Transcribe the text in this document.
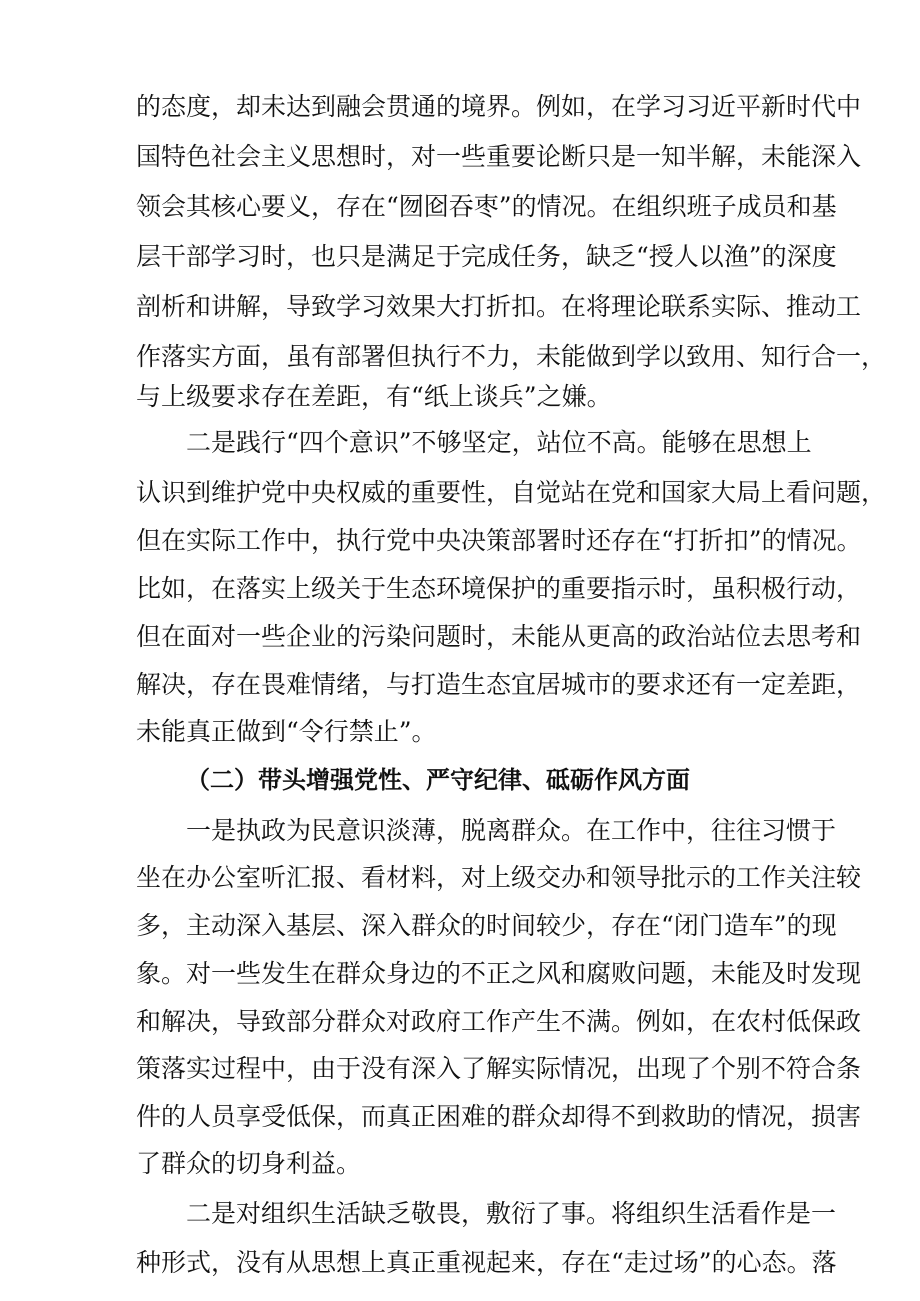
的态度，却未达到融会贯通的境界。例如，在学习习近平新时代中
国特色社会主义思想时，对一些重要论断只是一知半解，未能深入
领会其核心要义，存在“囫囵吞枣”的情况。在组织班子成员和基
层干部学习时，也只是满足于完成任务，缺乏“授人以渔”的深度
剖析和讲解，导致学习效果大打折扣。在将理论联系实际、推动工
作落实方面，虽有部署但执行不力，未能做到学以致用、知行合一，
与上级要求存在差距，有“纸上谈兵”之嫌。
二是践行“四个意识”不够坚定，站位不高。能够在思想上
认识到维护党中央权威的重要性，自觉站在党和国家大局上看问题，
但在实际工作中，执行党中央决策部署时还存在“打折扣”的情况。
比如，在落实上级关于生态环境保护的重要指示时，虽积极行动，
但在面对一些企业的污染问题时，未能从更高的政治站位去思考和
解决，存在畏难情绪，与打造生态宜居城市的要求还有一定差距，
未能真正做到“令行禁止”。
（二）带头增强党性、严守纪律、砥砺作风方面
一是执政为民意识淡薄，脱离群众。在工作中，往往习惯于
坐在办公室听汇报、看材料，对上级交办和领导批示的工作关注较
多，主动深入基层、深入群众的时间较少，存在“闭门造车”的现
象。对一些发生在群众身边的不正之风和腐败问题，未能及时发现
和解决，导致部分群众对政府工作产生不满。例如，在农村低保政
策落实过程中，由于没有深入了解实际情况，出现了个别不符合条
件的人员享受低保，而真正困难的群众却得不到救助的情况，损害
了群众的切身利益。
二是对组织生活缺乏敬畏，敷衍了事。将组织生活看作是一
种形式，没有从思想上真正重视起来，存在“走过场”的心态。落
